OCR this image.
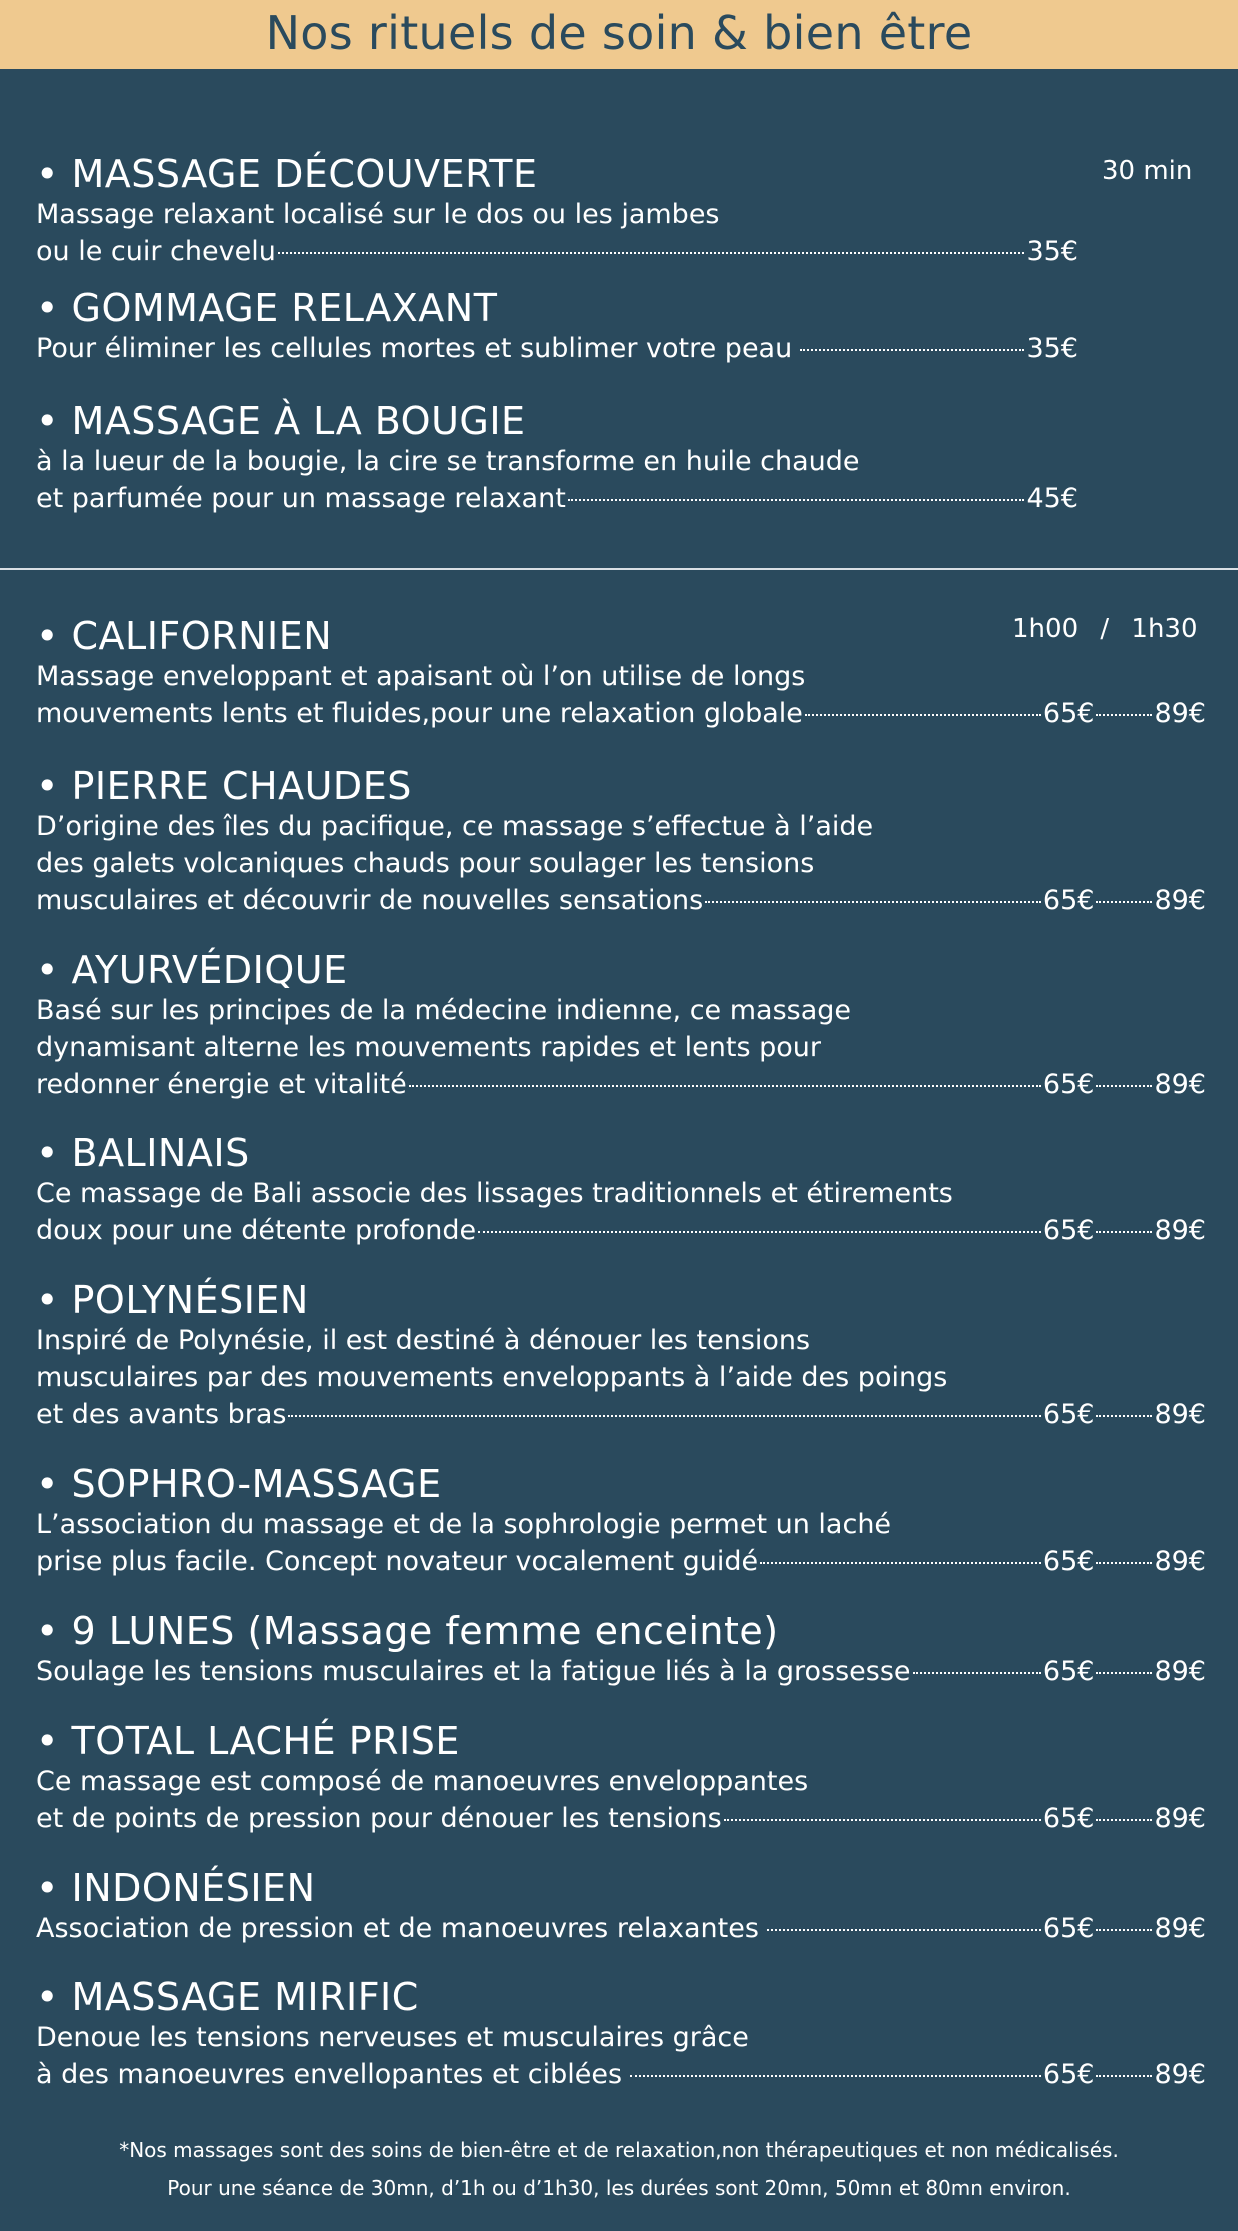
Nos rituels de soin & bien être
30 min
• MASSAGE DÉCOUVERTE
Massage relaxant localisé sur le dos ou les jambes
ou le cuir chevelu	35€
• GOMMAGE RELAXANT
Pour éliminer les cellules mortes et sublimer votre peau	35€
• MASSAGE À LA BOUGIE
à la lueur de la bougie, la cire se transforme en huile chaude
et parfumée pour un massage relaxant	45€
1h00 / 1h30
• CALIFORNIEN
Massage enveloppant et apaisant où l’on utilise de longs
mouvements lents et fluides,pour une relaxation globale	65€ 89€
• PIERRE CHAUDES
D’origine des îles du pacifique, ce massage s’effectue à l’aide
des galets volcaniques chauds pour soulager les tensions
musculaires et découvrir de nouvelles sensations	65€ 89€
• AYURVÉDIQUE
Basé sur les principes de la médecine indienne, ce massage
dynamisant alterne les mouvements rapides et lents pour
redonner énergie et vitalité	65€ 89€
• BALINAIS
Ce massage de Bali associe des lissages traditionnels et étirements
doux pour une détente profonde	65€ 89€
• POLYNÉSIEN
Inspiré de Polynésie, il est destiné à dénouer les tensions
musculaires par des mouvements enveloppants à l’aide des poings
et des avants bras	65€ 89€
• SOPHRO-MASSAGE
L’association du massage et de la sophrologie permet un laché
prise plus facile. Concept novateur vocalement guidé	65€ 89€
• 9 LUNES (Massage femme enceinte)
Soulage les tensions musculaires et la fatigue liés à la grossesse	65€ 89€
• TOTAL LACHÉ PRISE
Ce massage est composé de manoeuvres enveloppantes
et de points de pression pour dénouer les tensions	65€ 89€
• INDONÉSIEN
Association de pression et de manoeuvres relaxantes	65€ 89€
• MASSAGE MIRIFIC
Denoue les tensions nerveuses et musculaires grâce
à des manoeuvres envellopantes et ciblées	65€ 89€
*Nos massages sont des soins de bien-être et de relaxation,non thérapeutiques et non médicalisés.
Pour une séance de 30mn, d’1h ou d’1h30, les durées sont 20mn, 50mn et 80mn environ.
